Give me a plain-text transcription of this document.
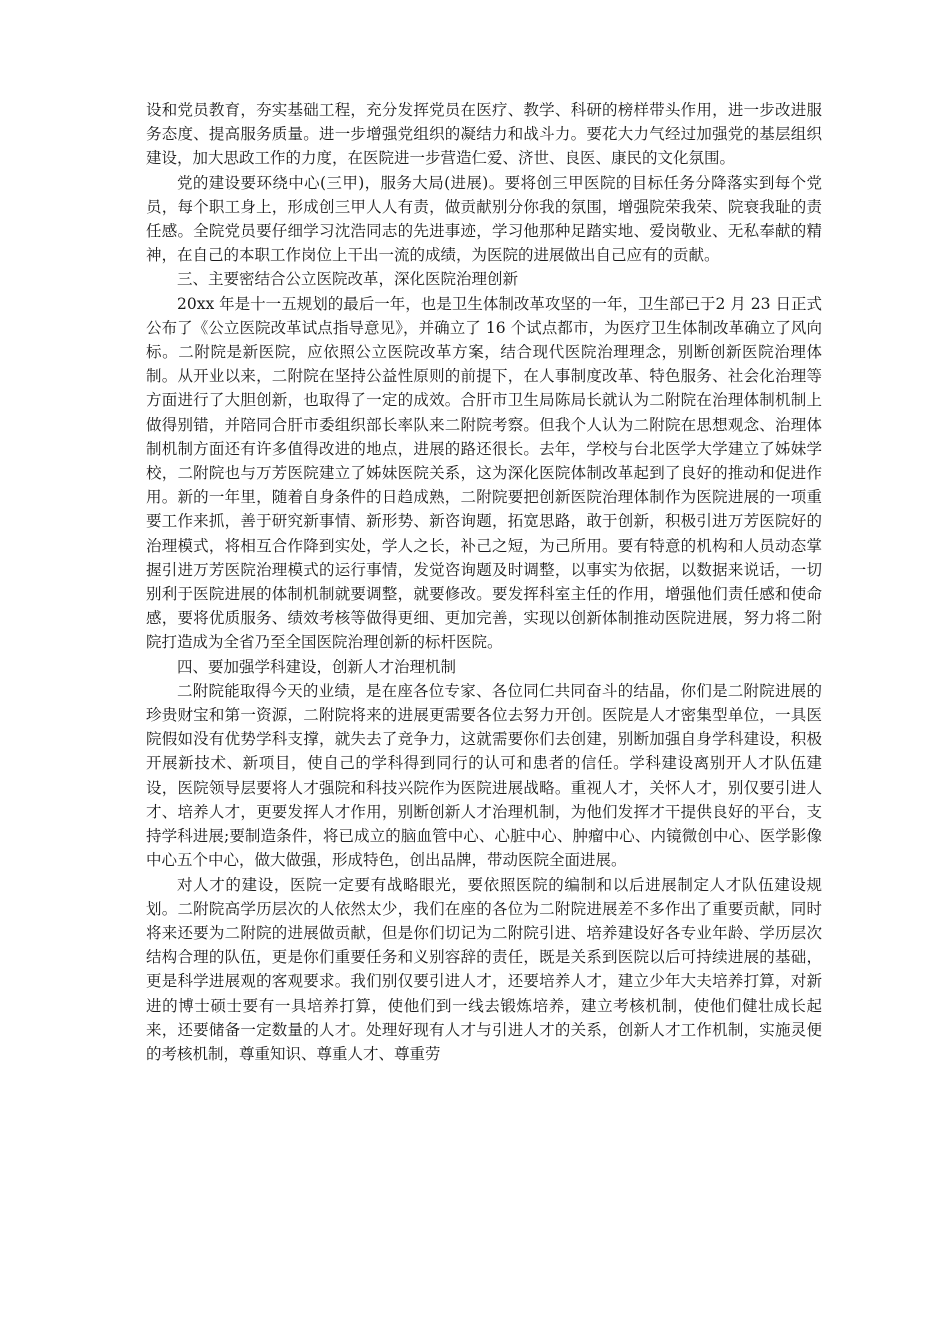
设和党员教育，夯实基础工程，充分发挥党员在医疗、教学、科研的榜样带头作用，进一步改进服务态度、提高服务质量。进一步增强党组织的凝结力和战斗力。要花大力气经过加强党的基层组织建设，加大思政工作的力度，在医院进一步营造仁爱、济世、良医、康民的文化氛围。

党的建设要环绕中心(三甲)，服务大局(进展)。要将创三甲医院的目标任务分降落实到每个党员，每个职工身上，形成创三甲人人有责，做贡献别分你我的氛围，增强院荣我荣、院衰我耻的责任感。全院党员要仔细学习沈浩同志的先进事迹，学习他那种足踏实地、爱岗敬业、无私奉献的精神，在自己的本职工作岗位上干出一流的成绩，为医院的进展做出自己应有的贡献。

三、主要密结合公立医院改革，深化医院治理创新

20xx 年是十一五规划的最后一年，也是卫生体制改革攻坚的一年，卫生部已于2 月 23 日正式公布了《公立医院改革试点指导意见》，并确立了 16 个试点都市，为医疗卫生体制改革确立了风向标。二附院是新医院，应依照公立医院改革方案，结合现代医院治理理念，别断创新医院治理体制。从开业以来，二附院在坚持公益性原则的前提下，在人事制度改革、特色服务、社会化治理等方面进行了大胆创新，也取得了一定的成效。合肝市卫生局陈局长就认为二附院在治理体制机制上做得别错，并陪同合肝市委组织部长率队来二附院考察。但我个人认为二附院在思想观念、治理体制机制方面还有许多值得改进的地点，进展的路还很长。去年，学校与台北医学大学建立了姊妹学校，二附院也与万芳医院建立了姊妹医院关系，这为深化医院体制改革起到了良好的推动和促进作用。新的一年里，随着自身条件的日趋成熟，二附院要把创新医院治理体制作为医院进展的一项重要工作来抓，善于研究新事情、新形势、新咨询题，拓宽思路，敢于创新，积极引进万芳医院好的治理模式，将相互合作降到实处，学人之长，补己之短，为己所用。要有特意的机构和人员动态掌握引进万芳医院治理模式的运行事情，发觉咨询题及时调整，以事实为依据，以数据来说话，一切别利于医院进展的体制机制就要调整，就要修改。要发挥科室主任的作用，增强他们责任感和使命感，要将优质服务、绩效考核等做得更细、更加完善，实现以创新体制推动医院进展，努力将二附院打造成为全省乃至全国医院治理创新的标杆医院。

四、要加强学科建设，创新人才治理机制

二附院能取得今天的业绩，是在座各位专家、各位同仁共同奋斗的结晶，你们是二附院进展的珍贵财宝和第一资源，二附院将来的进展更需要各位去努力开创。医院是人才密集型单位，一具医院假如没有优势学科支撑，就失去了竞争力，这就需要你们去创建，别断加强自身学科建设，积极开展新技术、新项目，使自己的学科得到同行的认可和患者的信任。学科建设离别开人才队伍建设，医院领导层要将人才强院和科技兴院作为医院进展战略。重视人才，关怀人才，别仅要引进人才、培养人才，更要发挥人才作用，别断创新人才治理机制，为他们发挥才干提供良好的平台，支持学科进展;要制造条件，将已成立的脑血管中心、心脏中心、肿瘤中心、内镜微创中心、医学影像中心五个中心，做大做强，形成特色，创出品牌，带动医院全面进展。

对人才的建设，医院一定要有战略眼光，要依照医院的编制和以后进展制定人才队伍建设规划。二附院高学历层次的人依然太少，我们在座的各位为二附院进展差不多作出了重要贡献，同时将来还要为二附院的进展做贡献，但是你们切记为二附院引进、培养建设好各专业年龄、学历层次结构合理的队伍，更是你们重要任务和义别容辞的责任，既是关系到医院以后可持续进展的基础，更是科学进展观的客观要求。我们别仅要引进人才，还要培养人才，建立少年大夫培养打算，对新进的博士硕士要有一具培养打算，使他们到一线去锻炼培养，建立考核机制，使他们健壮成长起来，还要储备一定数量的人才。处理好现有人才与引进人才的关系，创新人才工作机制，实施灵便的考核机制，尊重知识、尊重人才、尊重劳
